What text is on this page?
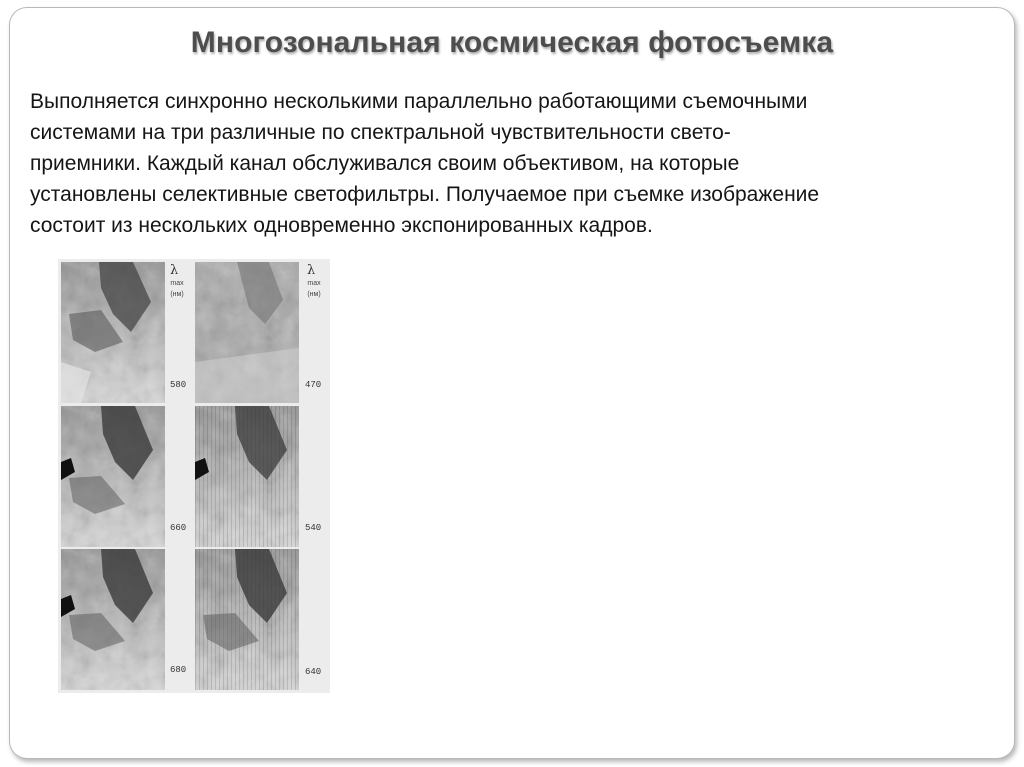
Многозональная космическая фотосъемка
Выполняется синхронно несколькими параллельно работающими съемочными
системами на три различные по спектральной чувствительности свето-
приемники. Каждый канал обслуживался своим объективом, на которые
установлены селективные светофильтры. Получаемое при съемке изображение
состоит из нескольких одновременно экспонированных кадров.
λ
max
(нм)
λ
max
(нм)
580
660
680
470
540
640
